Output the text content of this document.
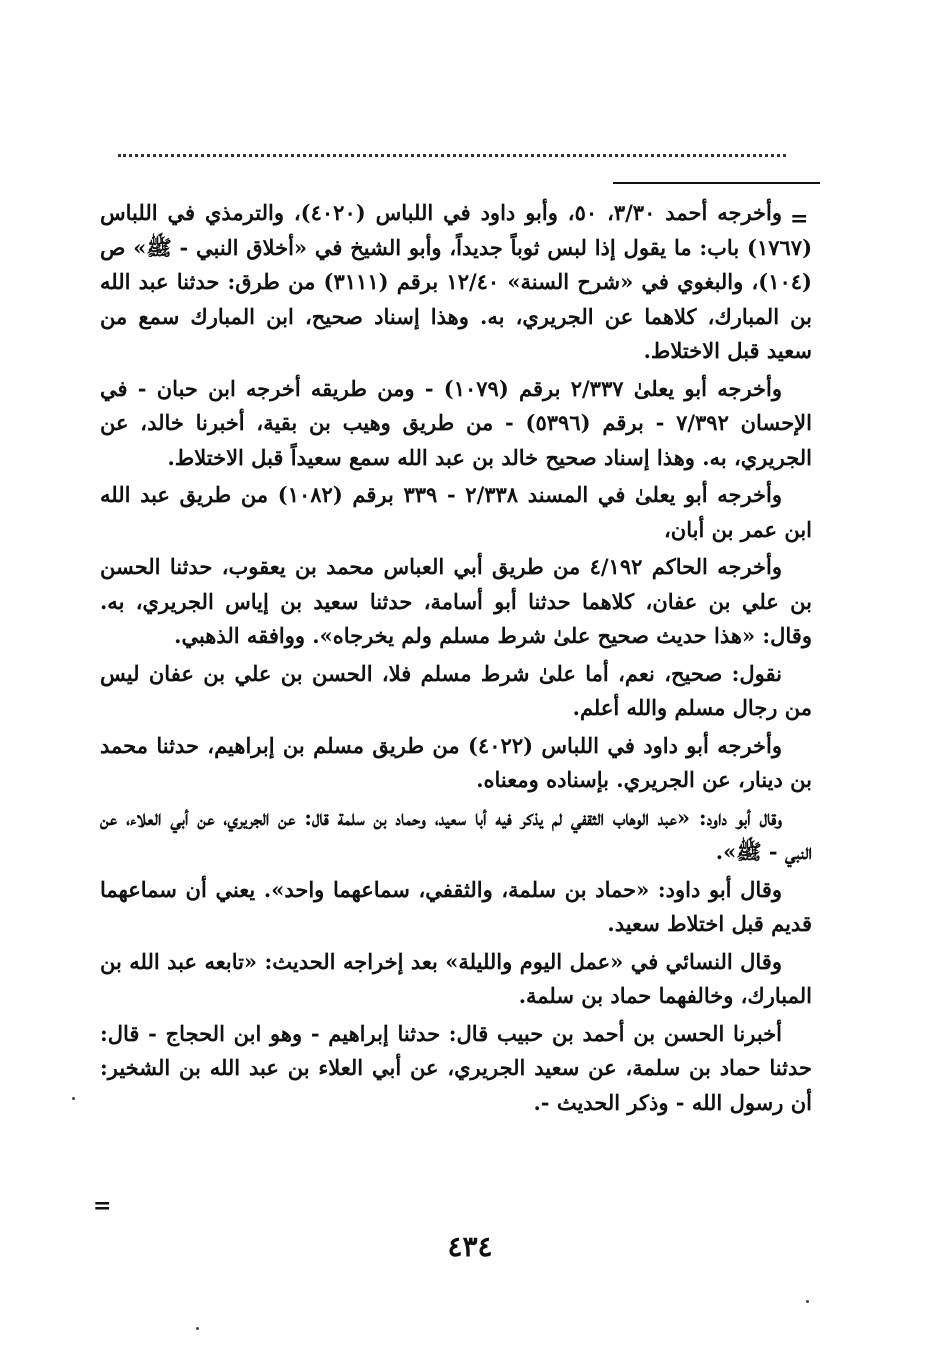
=

وأخرجه أحمد ٣/٣٠، ٥٠، وأبو داود في اللباس (٤٠٢٠)، والترمذي في اللباس (١٧٦٧) باب: ما يقول إذا لبس ثوباً جديداً، وأبو الشيخ في «أخلاق النبي - ﷺ» ص (١٠٤)، والبغوي في «شرح السنة» ١٢/٤٠ برقم (٣١١١) من طرق: حدثنا عبد الله بن المبارك، كلاهما عن الجريري، به. وهذا إسناد صحيح، ابن المبارك سمع من سعيد قبل الاختلاط.

وأخرجه أبو يعلىٰ ٢/٣٣٧ برقم (١٠٧٩) - ومن طريقه أخرجه ابن حبان - في الإحسان ٧/٣٩٢ - برقم (٥٣٩٦) - من طريق وهيب بن بقية، أخبرنا خالد، عن الجريري، به. وهذا إسناد صحيح خالد بن عبد الله سمع سعيداً قبل الاختلاط.

وأخرجه أبو يعلىٰ في المسند ٢/٣٣٨ - ٣٣٩ برقم (١٠٨٢) من طريق عبد الله ابن عمر بن أبان،

وأخرجه الحاكم ٤/١٩٢ من طريق أبي العباس محمد بن يعقوب، حدثنا الحسن بن علي بن عفان، كلاهما حدثنا أبو أسامة، حدثنا سعيد بن إياس الجريري، به. وقال: «هذا حديث صحيح علىٰ شرط مسلم ولم يخرجاه». ووافقه الذهبي.

نقول: صحيح، نعم، أما علىٰ شرط مسلم فلا، الحسن بن علي بن عفان ليس من رجال مسلم والله أعلم.

وأخرجه أبو داود في اللباس (٤٠٢٢) من طريق مسلم بن إبراهيم، حدثنا محمد بن دينار، عن الجريري. بإسناده ومعناه.

وقال أبو داود: «عبد الوهاب الثقفي لم يذكر فيه أبا سعيد، وحماد بن سلمة قال: عن الجريري، عن أبي العلاء، عن النبي - ﷺ».

وقال أبو داود: «حماد بن سلمة، والثقفي، سماعهما واحد». يعني أن سماعهما قديم قبل اختلاط سعيد.

وقال النسائي في «عمل اليوم والليلة» بعد إخراجه الحديث: «تابعه عبد الله بن المبارك، وخالفهما حماد بن سلمة.

أخبرنا الحسن بن أحمد بن حبيب قال: حدثنا إبراهيم - وهو ابن الحجاج - قال: حدثنا حماد بن سلمة، عن سعيد الجريري، عن أبي العلاء بن عبد الله بن الشخير: أن رسول الله - وذكر الحديث -.

=
٤٣٤
